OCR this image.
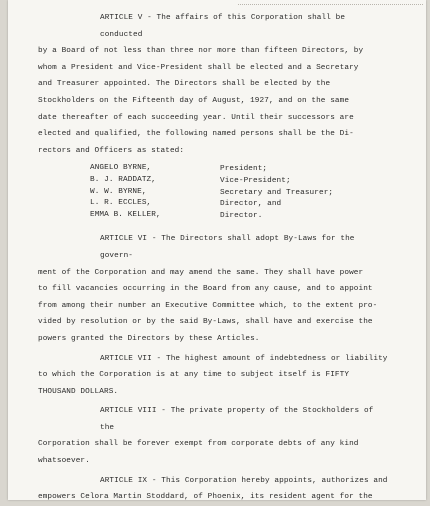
ARTICLE V - The affairs of this Corporation shall be conducted

by a Board of not less than three nor more than fifteen Directors, by

whom a President and Vice-President shall be elected and a Secretary

and Treasurer appointed. The Directors shall be elected by the

Stockholders on the Fifteenth day of August, 1927, and on the same

date thereafter of each succeeding year. Until their successors are

elected and qualified, the following named persons shall be the Di-

rectors and Officers as stated:

ANGELO BYRNE,
B. J. RADDATZ,
W. W. BYRNE,
L. R. ECCLES,
EMMA B. KELLER,
President;
Vice-President;
Secretary and Treasurer;
Director, and
Director.

ARTICLE VI - The Directors shall adopt By-Laws for the govern-

ment of the Corporation and may amend the same. They shall have power

to fill vacancies occurring in the Board from any cause, and to appoint

from among their number an Executive Committee which, to the extent pro-

vided by resolution or by the said By-Laws, shall have and exercise the

powers granted the Directors by these Articles.

ARTICLE VII - The highest amount of indebtedness or liability

to which the Corporation is at any time to subject itself is FIFTY

THOUSAND DOLLARS.

ARTICLE VIII - The private property of the Stockholders of the

Corporation shall be forever exempt from corporate debts of any kind

whatsoever.

ARTICLE IX - This Corporation hereby appoints, authorizes and

empowers Celora Martin Stoddard, of Phoenix, its resident agent for the
